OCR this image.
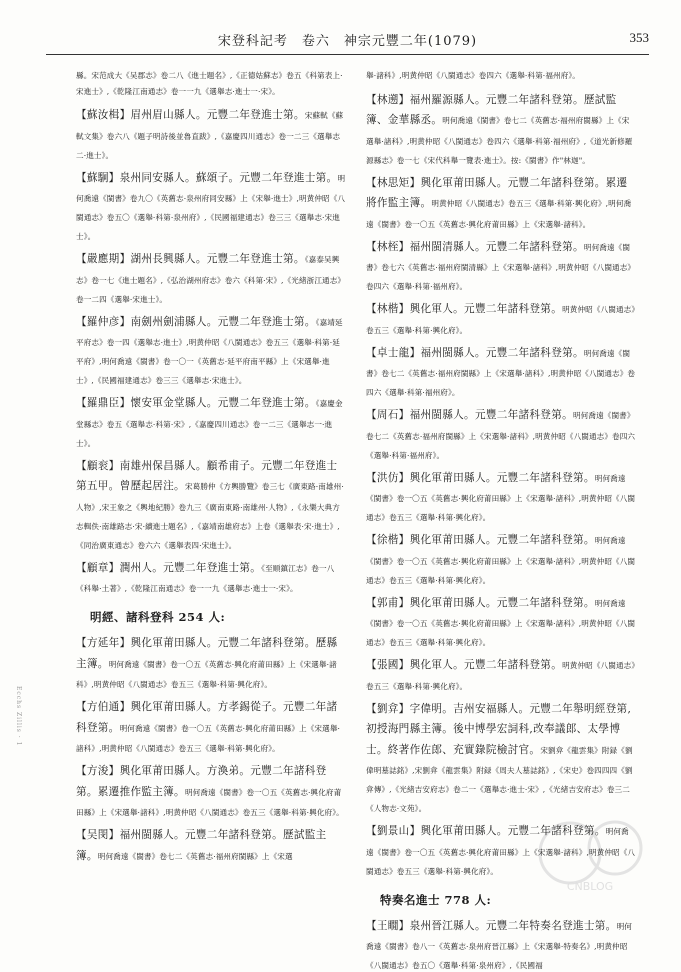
宋登科記考　卷六　神宗元豐二年(1079)	353
Ecchs Zillis · 1
CNBLOG

縣。宋范成大《吴郡志》卷二八《進士題名》,《正德姑蘇志》卷五《科第表上·宋進士》,《乾隆江南通志》卷一一九《選舉志·進士一·宋》。

【蘇汝楫】眉州眉山縣人。元豐二年登進士第。宋蘇軾《蘇軾文集》卷六八《題子明詩後並魯直跋》,《嘉慶四川通志》卷一二三《選舉志二·進士》。

【蘇駉】泉州同安縣人。蘇頌子。元豐二年登進士第。明何喬遠《閩書》卷九〇《英舊志·泉州府同安縣》上《宋舉·進士》,明黄仲昭《八閩通志》卷五〇《選舉·科第·泉州府》,《民國福建通志》卷三三《選舉志·宋進士》。

【嚴應期】湖州長興縣人。元豐二年登進士第。《嘉泰吴興志》卷一七《進士題名》,《弘治湖州府志》卷六《科第·宋》,《光緒浙江通志》卷一二四《選舉·宋進士》。

【羅仲彦】南劍州劍浦縣人。元豐二年登進士第。《嘉靖延平府志》卷一四《選舉志·進士》,明黄仲昭《八閩通志》卷五三《選舉·科第·延平府》,明何喬遠《閩書》卷一〇一《英舊志·延平府南平縣》上《宋選舉·進士》,《民國福建通志》卷三三《選舉志·宋進士》。

【羅鼎臣】懷安軍金堂縣人。元豐二年登進士第。《嘉慶金堂縣志》卷五《選舉志·科第·宋》,《嘉慶四川通志》卷一二三《選舉志一·進士》。

【顧衮】南雄州保昌縣人。顧希甫子。元豐二年登進士第五甲。曾歷起居注。宋葛勝仲《方輿勝覽》卷三七《廣東路·南雄州·人物》,宋王象之《輿地紀勝》卷九三《廣南東路·南雄州·人物》,《永樂大典方志輯佚·南雄路志·宋·續進士題名》,《嘉靖南雄府志》上卷《選舉表·宋·進士》,《同治廣東通志》卷六六《選舉表四·宋進士》。

【顧章】潤州人。元豐二年登進士第。《至順鎮江志》卷一八《科舉·土著》,《乾隆江南通志》卷一一九《選舉志·進士一·宋》。

明經、諸科登科 254 人:

【方延年】興化軍莆田縣人。元豐二年諸科登第。歷縣主簿。明何喬遠《閩書》卷一〇五《英舊志·興化府莆田縣》上《宋選舉·諸科》,明黄仲昭《八閩通志》卷五三《選舉·科第·興化府》。

【方伯通】興化軍莆田縣人。方孝錫從子。元豐二年諸科登第。明何喬遠《閩書》卷一〇五《英舊志·興化府莆田縣》上《宋選舉·諸科》,明黄仲昭《八閩通志》卷五三《選舉·科第·興化府》。

【方浚】興化軍莆田縣人。方渙弟。元豐二年諸科登第。累遷推作監主簿。明何喬遠《閩書》卷一〇五《英舊志·興化府莆田縣》上《宋選舉·諸科》,明黄仲昭《八閩通志》卷五三《選舉·科第·興化府》。

【吴閔】福州閩縣人。元豐二年諸科登第。歷試監主簿。明何喬遠《閩書》卷七二《英舊志·福州府閩縣》上《宋選

舉·諸科》,明黄仲昭《八閩通志》卷四六《選舉·科第·福州府》。

【林遡】福州羅源縣人。元豐二年諸科登第。歷試監簿、金華縣丞。明何喬遠《閩書》卷七二《英舊志·福州府閩縣》上《宋選舉·諸科》,明黄仲昭《八閩通志》卷四六《選舉·科第·福州府》,《道光新修羅源縣志》卷一七《宋代科舉一覽表·進士》。按:《閩書》作"林迦"。

【林思矩】興化軍莆田縣人。元豐二年諸科登第。累遷將作監主簿。明黄仲昭《八閩通志》卷五三《選舉·科第·興化府》,明何喬遠《閩書》卷一〇五《英舊志·興化府莆田縣》上《宋選舉·諸科》。

【林桎】福州閩清縣人。元豐二年諸科登第。明何喬遠《閩書》卷七六《英舊志·福州府閩清縣》上《宋選舉·諸科》,明黄仲昭《八閩通志》卷四六《選舉·科第·福州府》。

【林楷】興化軍人。元豐二年諸科登第。明黄仲昭《八閩通志》卷五三《選舉·科第·興化府》。

【卓士龍】福州閩縣人。元豐二年諸科登第。明何喬遠《閩書》卷七二《英舊志·福州府閩縣》上《宋選舉·諸科》,明黄仲昭《八閩通志》卷四六《選舉·科第·福州府》。

【周石】福州閩縣人。元豐二年諸科登第。明何喬遠《閩書》卷七二《英舊志·福州府閩縣》上《宋選舉·諸科》,明黄仲昭《八閩通志》卷四六《選舉·科第·福州府》。

【洪仿】興化軍莆田縣人。元豐二年諸科登第。明何喬遠《閩書》卷一〇五《英舊志·興化府莆田縣》上《宋選舉·諸科》,明黄仲昭《八閩通志》卷五三《選舉·科第·興化府》。

【徐楷】興化軍莆田縣人。元豐二年諸科登第。明何喬遠《閩書》卷一〇五《英舊志·興化府莆田縣》上《宋選舉·諸科》,明黄仲昭《八閩通志》卷五三《選舉·科第·興化府》。

【郭甫】興化軍莆田縣人。元豐二年諸科登第。明何喬遠《閩書》卷一〇五《英舊志·興化府莆田縣》上《宋選舉·諸科》,明黄仲昭《八閩通志》卷五三《選舉·科第·興化府》。

【張國】興化軍人。元豐二年諸科登第。明黄仲昭《八閩通志》卷五三《選舉·科第·興化府》。

【劉弇】字偉明。吉州安福縣人。元豐二年舉明經登第,初授海門縣主簿。後中博學宏詞科,改奉議郎、太學博士。終著作佐郎、充實錄院檢討官。宋劉弇《龍雲集》附録《劉偉明墓誌銘》,宋劉弇《龍雲集》附録《周夫人墓誌銘》,《宋史》卷四四四《劉弇傳》,《光緒吉安府志》卷二一《選舉志·進士·宋》,《光緒吉安府志》卷三二《人物志·文苑》。

【劉景山】興化軍莆田縣人。元豐二年諸科登第。明何喬遠《閩書》卷一〇五《英舊志·興化府莆田縣》上《宋選舉·諸科》,明黄仲昭《八閩通志》卷五三《選舉·科第·興化府》。

特奏名進士 778 人:

【王瞯】泉州晉江縣人。元豐二年特奏名登進士第。明何喬遠《閩書》卷八一《英舊志·泉州府晉江縣》上《宋選舉·特奏名》,明黄仲昭《八閩通志》卷五〇《選舉·科第·泉州府》,《民國福
